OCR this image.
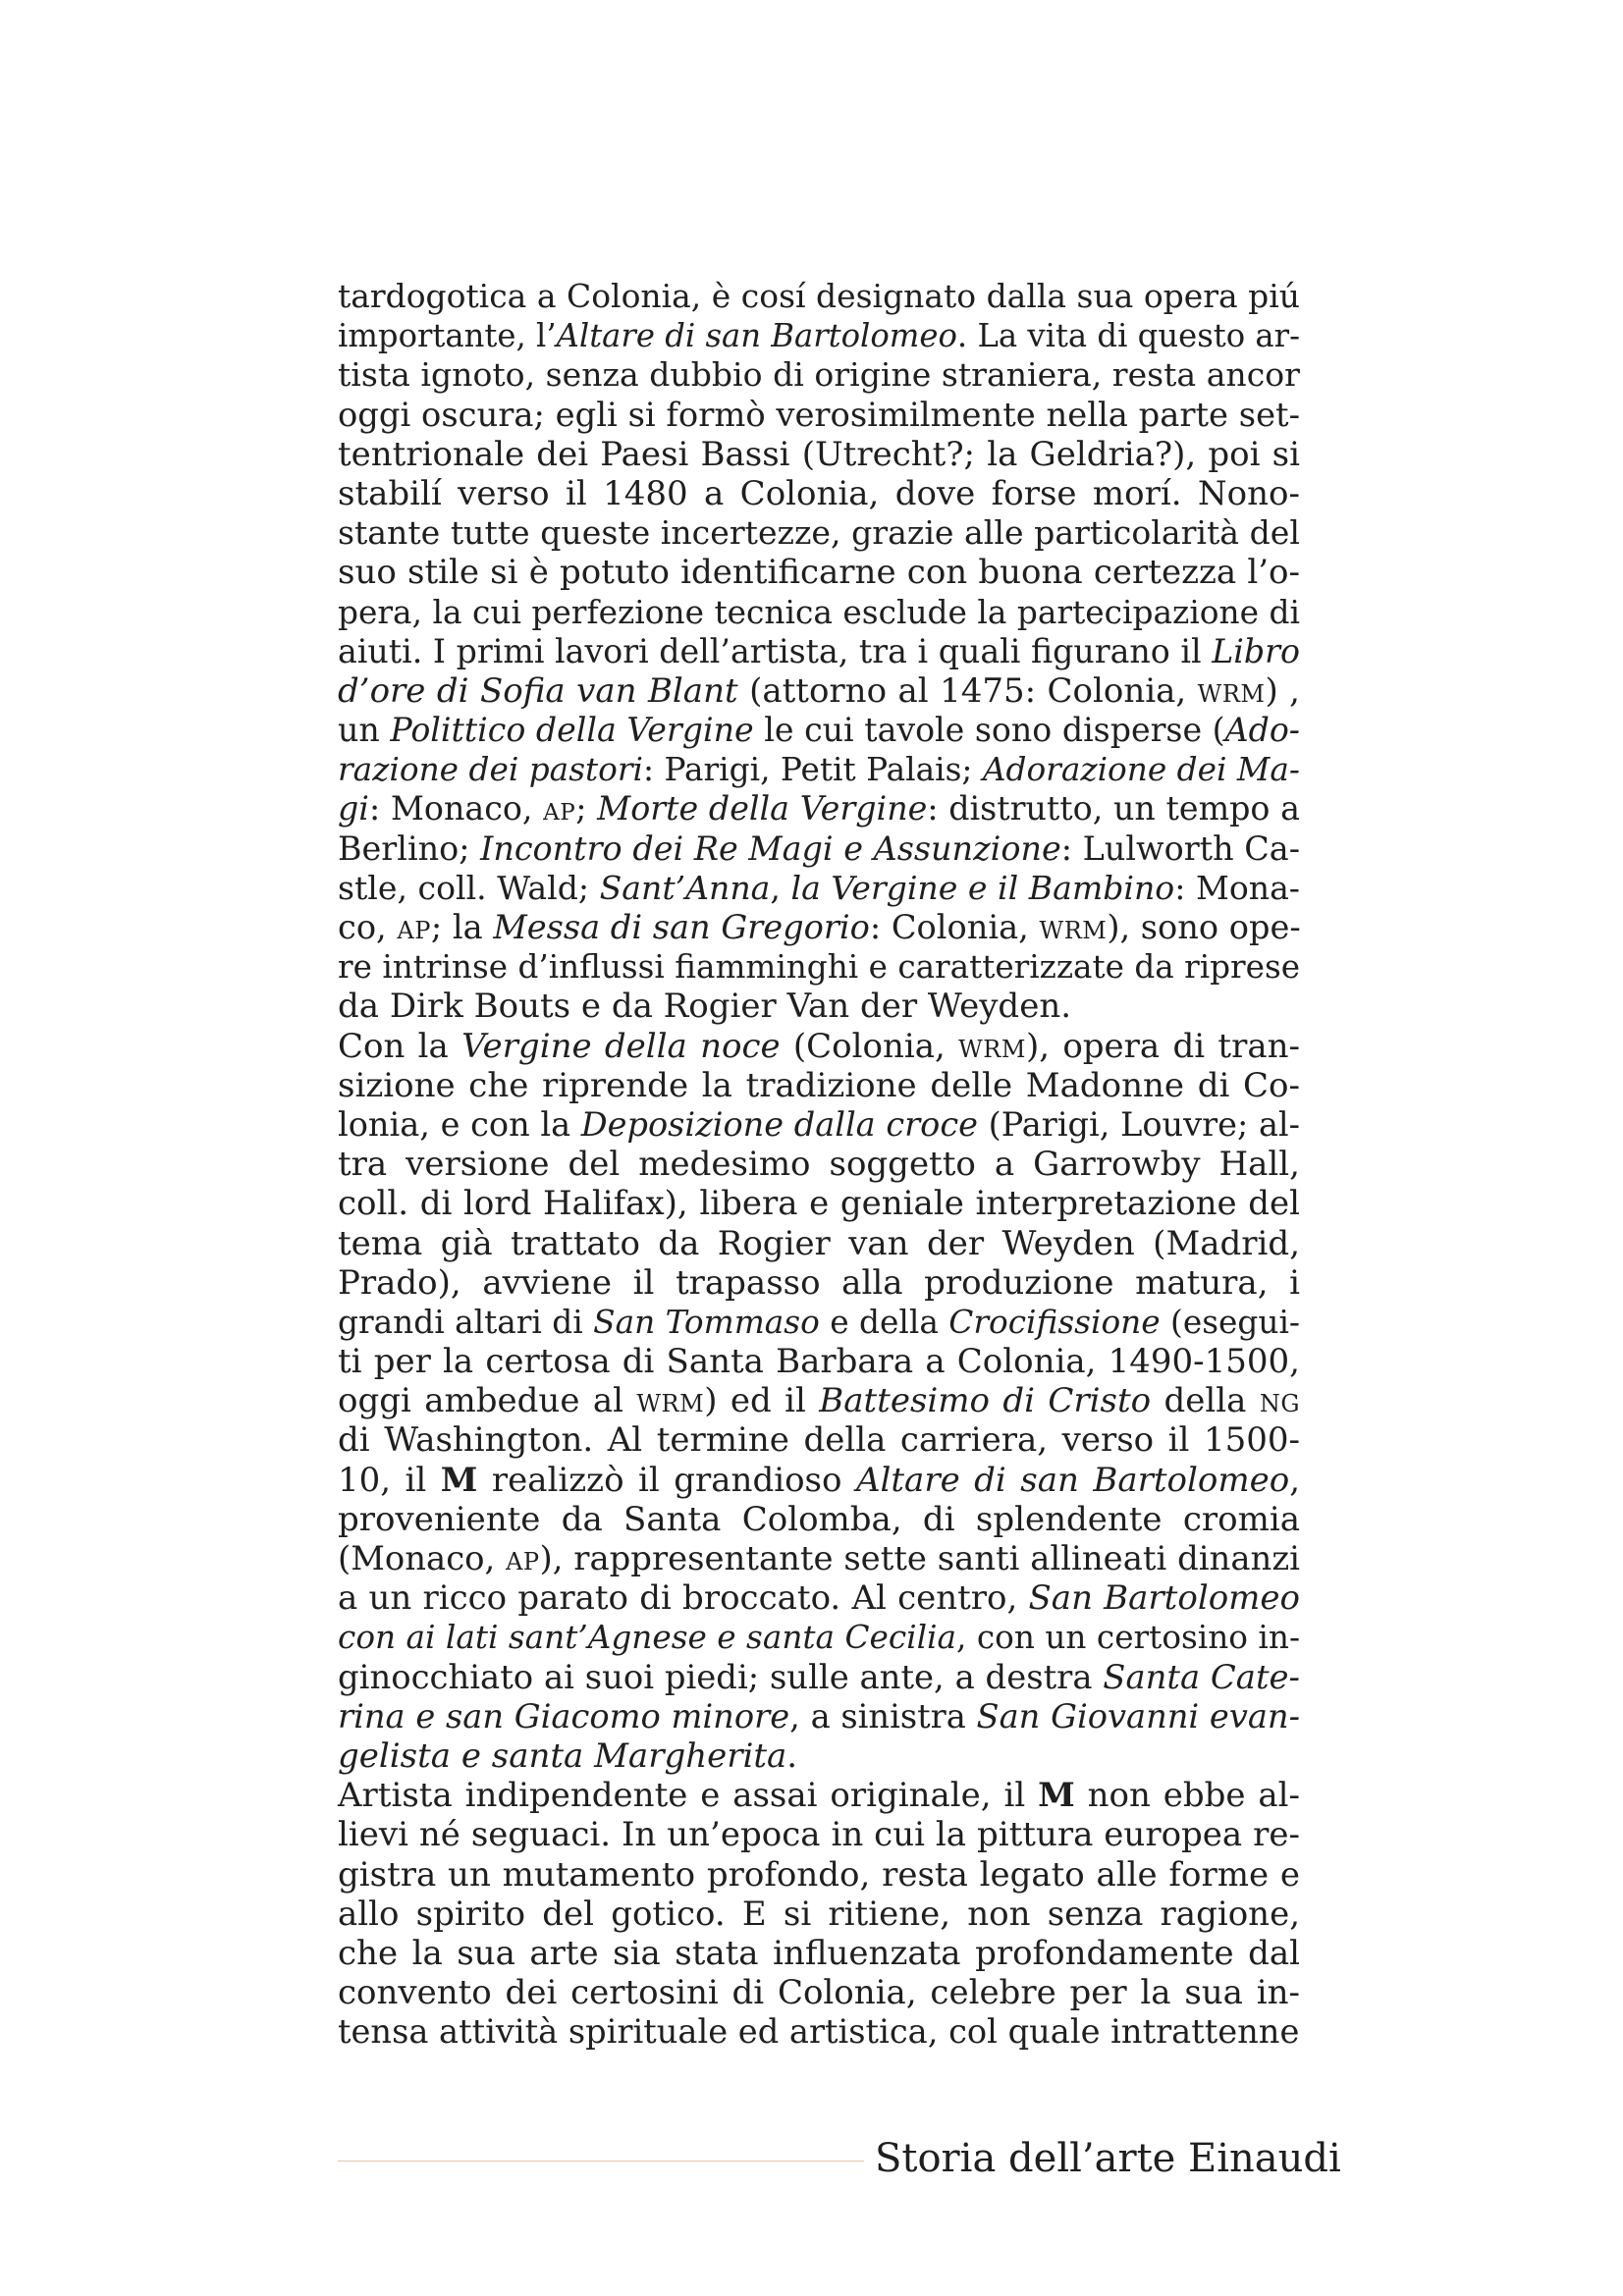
tardogotica a Colonia, è cosí designato dalla sua opera piú
importante, l’Altare di san Bartolomeo. La vita di questo ar-
tista ignoto, senza dubbio di origine straniera, resta ancor
oggi oscura; egli si formò verosimilmente nella parte set-
tentrionale dei Paesi Bassi (Utrecht?; la Geldria?), poi si
stabilí verso il 1480 a Colonia, dove forse morí. Nono-
stante tutte queste incertezze, grazie alle particolarità del
suo stile si è potuto identificarne con buona certezza l’o-
pera, la cui perfezione tecnica esclude la partecipazione di
aiuti. I primi lavori dell’artista, tra i quali figurano il Libro
d’ore di Sofia van Blant (attorno al 1475: Colonia, wrm) ,
un Polittico della Vergine le cui tavole sono disperse (Ado-
razione dei pastori: Parigi, Petit Palais; Adorazione dei Ma-
gi: Monaco, ap; Morte della Vergine: distrutto, un tempo a
Berlino; Incontro dei Re Magi e Assunzione: Lulworth Ca-
stle, coll. Wald; Sant’Anna, la Vergine e il Bambino: Mona-
co, ap; la Messa di san Gregorio: Colonia, wrm), sono ope-
re intrinse d’influssi fiamminghi e caratterizzate da riprese
da Dirk Bouts e da Rogier Van der Weyden.
Con la Vergine della noce (Colonia, wrm), opera di tran-
sizione che riprende la tradizione delle Madonne di Co-
lonia, e con la Deposizione dalla croce (Parigi, Louvre; al-
tra versione del medesimo soggetto a Garrowby Hall,
coll. di lord Halifax), libera e geniale interpretazione del
tema già trattato da Rogier van der Weyden (Madrid,
Prado), avviene il trapasso alla produzione matura, i
grandi altari di San Tommaso e della Crocifissione (esegui-
ti per la certosa di Santa Barbara a Colonia, 1490-1500,
oggi ambedue al wrm) ed il Battesimo di Cristo della ng
di Washington. Al termine della carriera, verso il 1500-
10, il M realizzò il grandioso Altare di san Bartolomeo,
proveniente da Santa Colomba, di splendente cromia
(Monaco, ap), rappresentante sette santi allineati dinanzi
a un ricco parato di broccato. Al centro, San Bartolomeo
con ai lati sant’Agnese e santa Cecilia, con un certosino in-
ginocchiato ai suoi piedi; sulle ante, a destra Santa Cate-
rina e san Giacomo minore, a sinistra San Giovanni evan-
gelista e santa Margherita.
Artista indipendente e assai originale, il M non ebbe al-
lievi né seguaci. In un’epoca in cui la pittura europea re-
gistra un mutamento profondo, resta legato alle forme e
allo spirito del gotico. E si ritiene, non senza ragione,
che la sua arte sia stata influenzata profondamente dal
convento dei certosini di Colonia, celebre per la sua in-
tensa attività spirituale ed artistica, col quale intrattenne
Storia dell’arte Einaudi
